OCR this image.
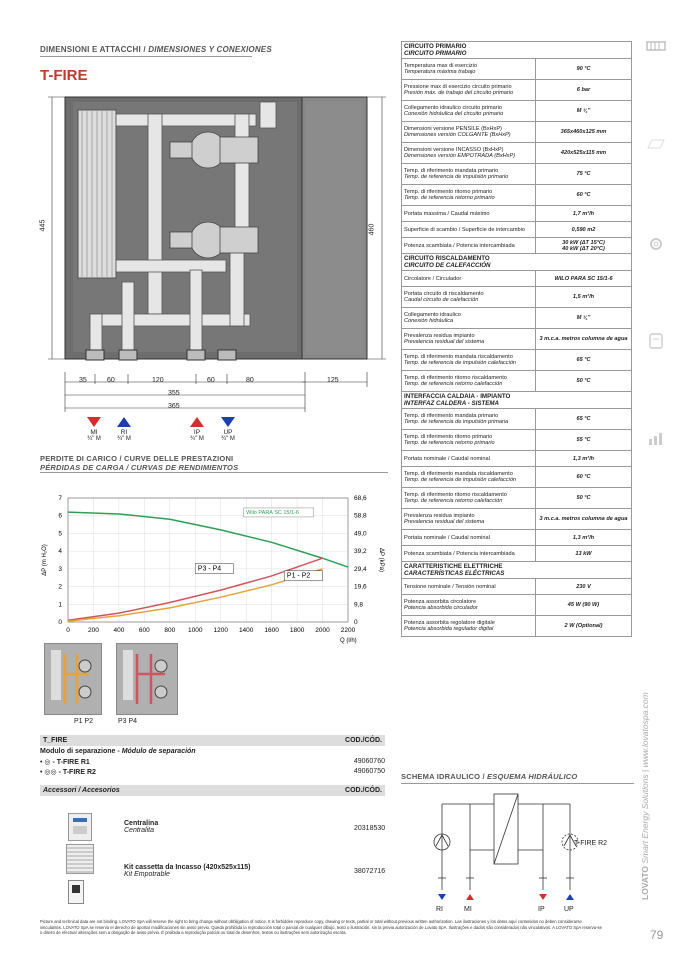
DIMENSIONI E ATTACCHI / DIMENSIONES Y CONEXIONES
T-FIRE
445	460
35	60	120	60	80
355
365
125
MI
¾" M
RI
¾" M
IP
¾" M
UP
¾" M
PERDITE DI CARICO / CURVE DELLE PRESTAZIONI
PÉRDIDAS DE CARGA / CURVAS DE RENDIMIENTOS
0	200 400 600 800 1000 1200 1400 1600 1800 2000 2200
0	0
1	9,8
2	19,6
3	29,4
4	39,2
5	49,0
6	58,8
7	68,6
Q (l/h)
ΔP (m H₂O)	ΔP (kPa)
Wilo PARA SC 15/1-6
P3 - P4
P1 - P2
P1 P2	P3 P4
T_FIRE	COD./CÓD.
Modulo di separazione - Módulo de separación
• ◎ - T-FIRE R1	49060760
• ◎◎ - T-FIRE R2	49060750
Accessori / Accesorios	COD./CÓD.
Centralina
Centralita	20318530
Kit cassetta da Incasso (420x525x115)
Kit Empotrable	38072716
CIRCUITO PRIMARIO
CIRCUITO PRIMARIO	

Temperatura max di esercizio
Temperatura máxima trabajo	90 °C

Pressione max di esercizio circuito primario
Presión máx. de trabajo del circuito primario	6 bar

Collegamento idraulico circuito primario
Conexión hidráulica del circuito primario	M ¾"

Dimensioni versione PENSILE (BxHxP)
Dimensiones versión COLGANTE (BxHxP)	365x460x125 mm

Dimensioni versione INCASSO (BxHxP)
Dimensiones versión EMPOTRADA (BxHxP)	420x525x115 mm

Temp. di riferimento mandata primario
Temp. de referencia de impulsión primario	75 °C

Temp. di riferimento ritorno primario
Temp. de referencia retorno primario	60 °C

Portata massima / Caudal máximo	1,7 m³/h

Superficie di scambio / Superficie de intercambio	0,590 m2

Potenza scambiata / Potencia intercambiada	30 kW (ΔT 15°C)
40 kW (ΔT 20°C)
CIRCUITO RISCALDAMENTO
CIRCUITO DE CALEFACCIÓN	

Circolatore / Circulador	WILO PARA SC 15/1-6

Portata circuito di riscaldamento
Caudal circuito de calefacción	1,5 m³/h

Collegamento idraulico
Conexión hidráulica	M ¾"

Prevalenza residua impianto
Prevalencia residual del sistema	3 m.c.a. metros columna de agua

Temp. di riferimento mandata riscaldamento
Temp. de referencia de impulsión calefacción	65 °C

Temp. di riferimento ritorno riscaldamento
Temp. de referencia retorno calefacción	50 °C
INTERFACCIA CALDAIA - IMPIANTO
INTERFAZ CALDERA - SISTEMA	

Temp. di riferimento mandata primario
Temp. de referencia de impulsión primaria	65 °C

Temp. di riferimento ritorno primario
Temp. de referencia retorno primario	55 °C

Portata nominale / Caudal nominal	1,3 m³/h

Temp. di riferimento mandata riscaldamento
Temp. de referencia de impulsión calefacción	60 °C

Temp. di riferimento ritorno riscaldamento
Temp. de referencia retorno calefacción	50 °C

Prevalenza residua impianto
Prevalencia residual del sistema	3 m.c.a. metros columna de agua

Portata nominale / Caudal nominal	1,3 m³/h

Potenza scambiata / Potencia intercambiada	13 kW
CARATTERISTICHE ELETTRICHE
CARACTERÍSTICAS ELÉCTRICAS	

Tensione nominale / Tensión nominal	230 V

Potenza assorbita circolatore
Potencia absorbida circulador	45 W (90 W)

Potenza assorbita regolatore digitale
Potencia absorbida regulador digital	2 W (Optional)
SCHEMA IDRAULICO / ESQUEMA HIDRÁULICO
T-FIRE R2
RI	MI	IP	UP
LOVATO Smart Energy Solutions | www.lovatospa.com
79
Picture and technical data are not binding. LOVATO SpA will reserve the right to bring change without obbligation of notice. It is forbidden reproduce copy, drawing or texts, partial or total without previous written authorization. Las ilustraciones y los datos aquí contenidos no deben considerarse
vinculantes. LOVATO SpA se reserva el derecho de aportar modificaciones sin aviso previo. Queda prohibida la reproducción total o parcial de cualquier dibujo, texto o ilustración, sin la previa autorización de Lovato SpA. Ilustrações e dados são considerados não vinculativos. A LOVATO SpA reserva-se
o direito de efectuar alterações sem a obrigação de aviso prévio. É proibida a reprodução parcial ou total de desenhos, textos ou ilustrações sem autorização escrita.
